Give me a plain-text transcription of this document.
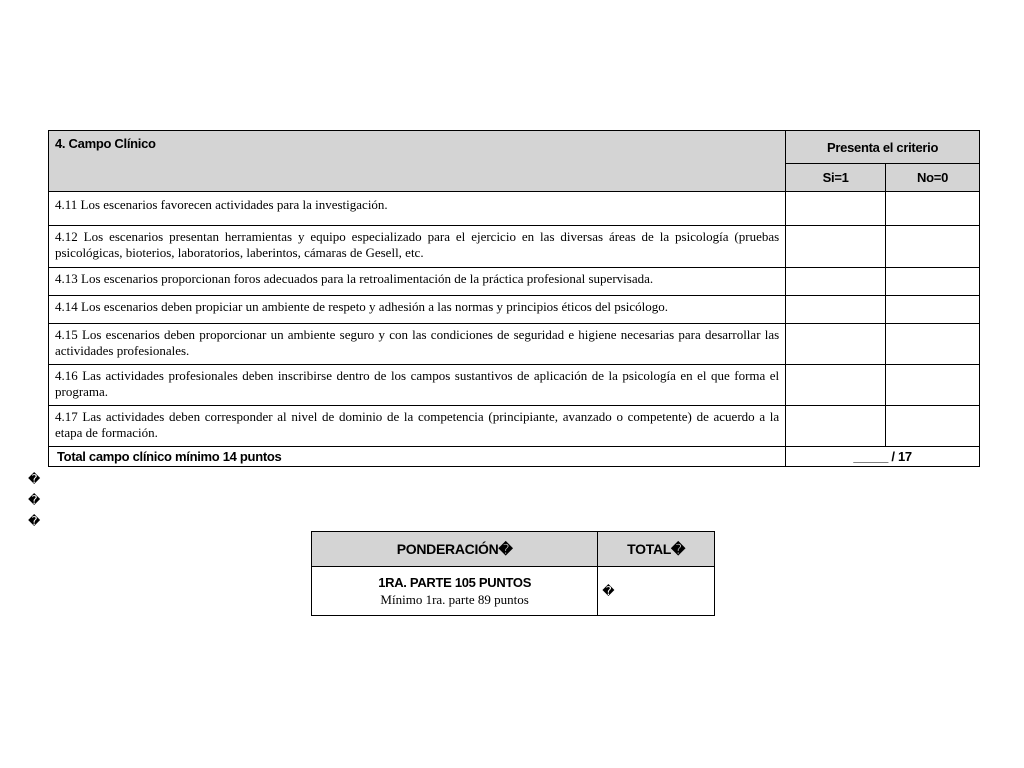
4. Campo Clínico	Presenta el criterio	
	Si=1	No=0
4.11 Los escenarios favorecen actividades para la investigación.		
4.12 Los escenarios presentan herramientas y equipo especializado para el ejercicio en las diversas áreas de la psicología (pruebas psicológicas, bioterios, laboratorios, laberintos, cámaras de Gesell, etc.		
4.13 Los escenarios proporcionan foros adecuados para la retroalimentación de la práctica profesional supervisada.		
4.14 Los escenarios deben propiciar un ambiente de respeto y adhesión a las normas y principios éticos del psicólogo.		
4.15 Los escenarios deben proporcionar un ambiente seguro y con las condiciones de seguridad e higiene necesarias para desarrollar las actividades profesionales.		
4.16 Las actividades profesionales deben inscribirse dentro de los campos sustantivos de aplicación de la psicología en el que forma el programa.		
4.17 Las actividades deben corresponder al nivel de dominio de la competencia (principiante, avanzado o competente) de acuerdo a la etapa de formación.		
Total campo clínico mínimo 14 puntos	_____ / 17	
�
�
�
PONDERACIÓN�	TOTAL�

1RA. PARTE 105 PUNTOS
Mínimo 1ra. parte 89 puntos	�
